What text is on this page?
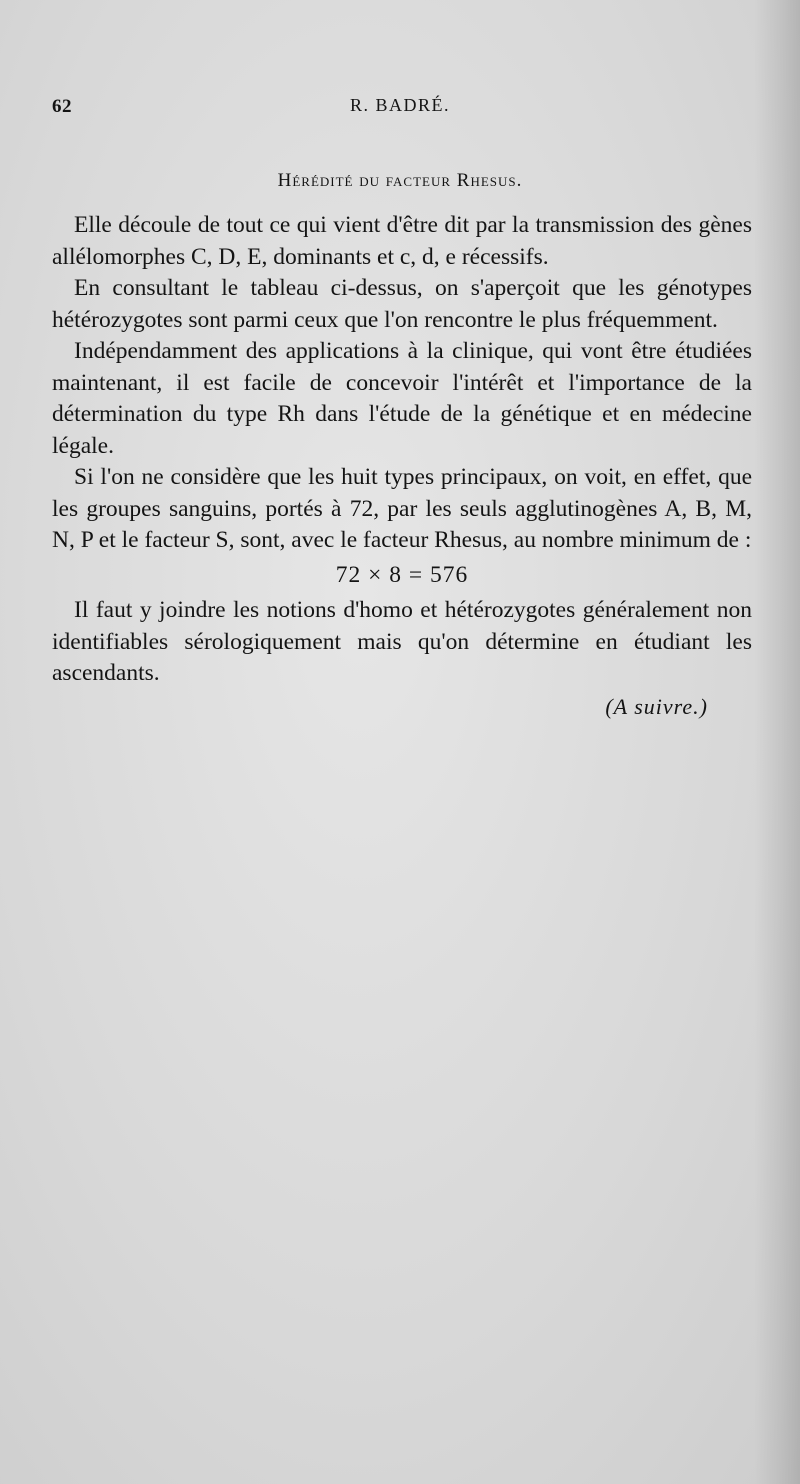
62	R. BADRÉ.
Hérédité du facteur Rhesus.

Elle découle de tout ce qui vient d'être dit par la transmission des gènes allélomorphes C, D, E, dominants et c, d, e récessifs.

En consultant le tableau ci-dessus, on s'aperçoit que les génotypes hétérozygotes sont parmi ceux que l'on rencontre le plus fréquemment.

Indépendamment des applications à la clinique, qui vont être étudiées maintenant, il est facile de concevoir l'intérêt et l'importance de la détermination du type Rh dans l'étude de la génétique et en médecine légale.

Si l'on ne considère que les huit types principaux, on voit, en effet, que les groupes sanguins, portés à 72, par les seuls agglutinogènes A, B, M, N, P et le facteur S, sont, avec le facteur Rhesus, au nombre minimum de :

72 × 8 = 576

Il faut y joindre les notions d'homo et hétérozygotes généralement non identifiables sérologiquement mais qu'on détermine en étudiant les ascendants.

(A suivre.)
